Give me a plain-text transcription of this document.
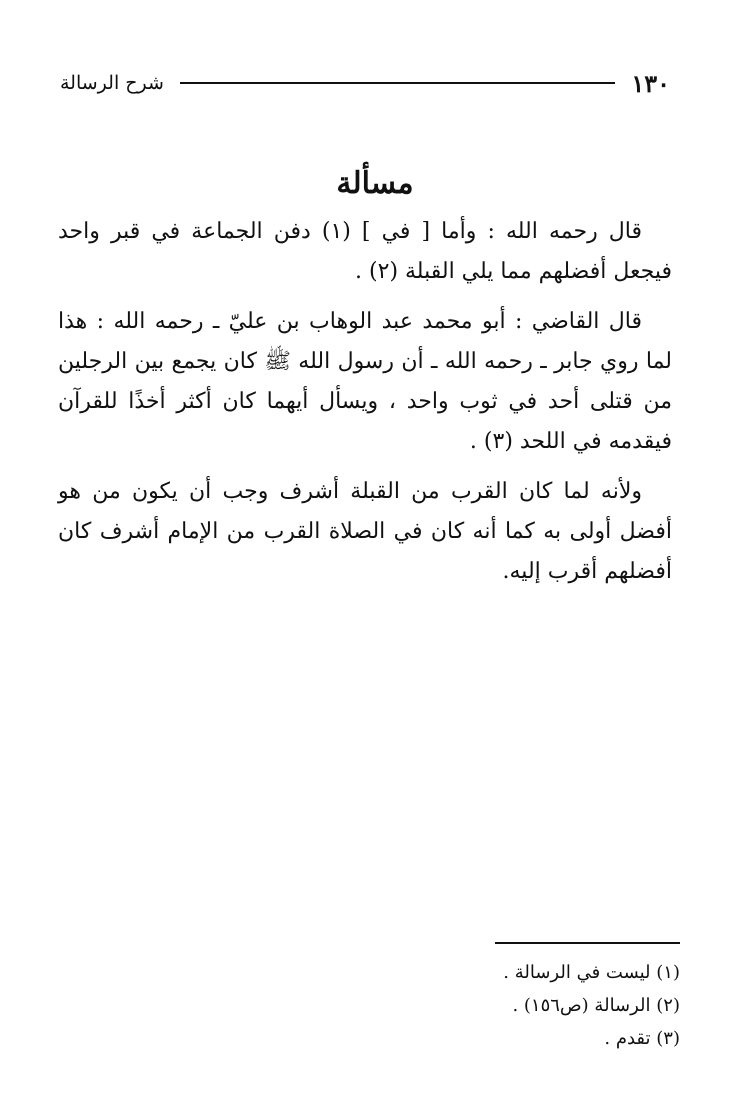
١٣٠
شرح الرسالة
مسألة

قال رحمه الله : وأما [ في ] (١) دفن الجماعة في قبر واحد فيجعل أفضلهم مما يلي القبلة (٢) .

قال القاضي : أبو محمد عبد الوهاب بن عليّ ـ رحمه الله : هذا لما روي جابر ـ رحمه الله ـ أن رسول الله ﷺ كان يجمع بين الرجلين من قتلى أحد في ثوب واحد ، ويسأل أيهما كان أكثر أخذًا للقرآن فيقدمه في اللحد (٣) .

ولأنه لما كان القرب من القبلة أشرف وجب أن يكون من هو أفضل أولى به كما أنه كان في الصلاة القرب من الإمام أشرف كان أفضلهم أقرب إليه.

(١) ليست في الرسالة .

(٢) الرسالة (ص١٥٦) .

(٣) تقدم .
